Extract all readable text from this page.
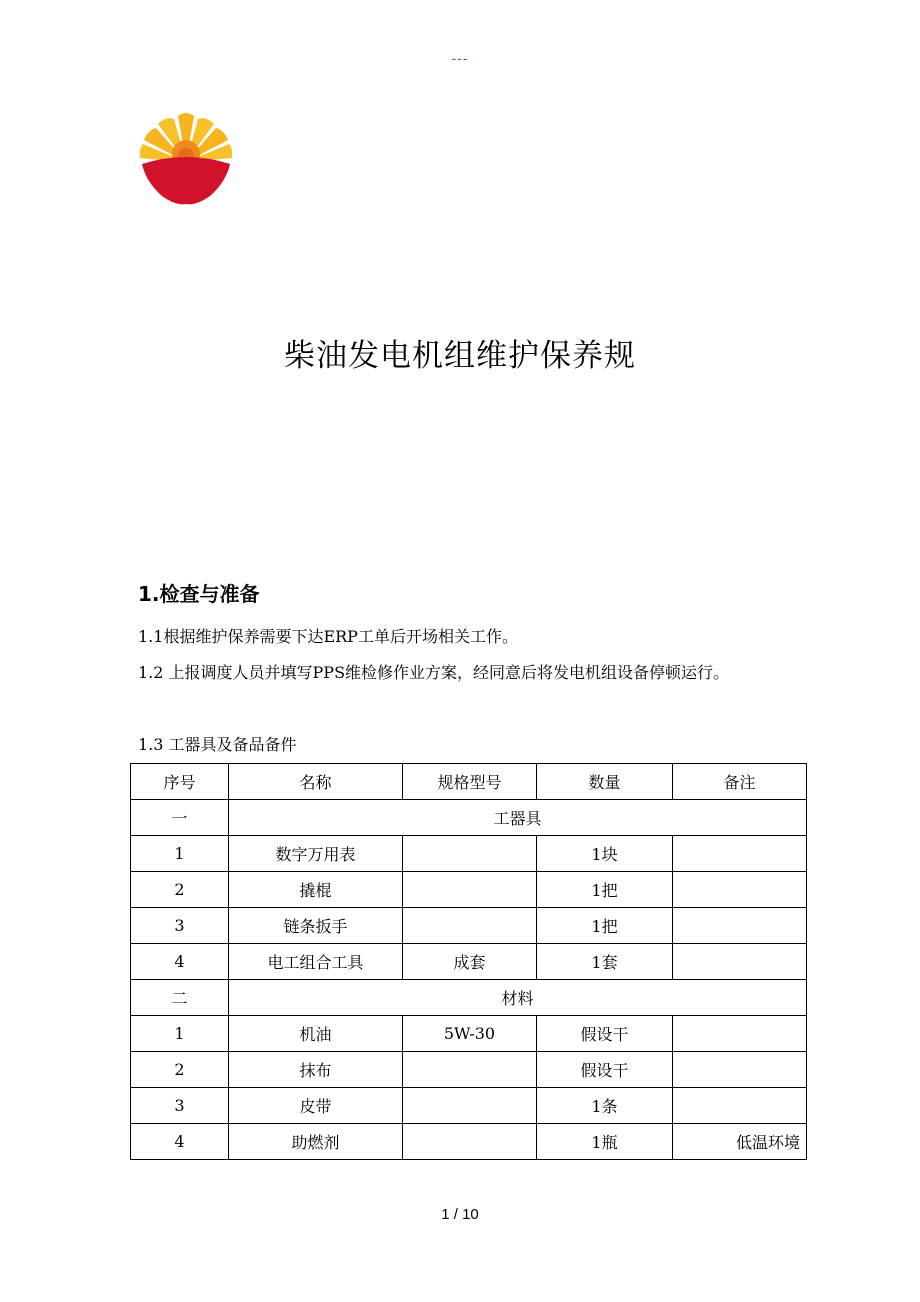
---
柴油发电机组维护保养规
1.检查与准备
1.1根据维护保养需要下达ERP工单后开场相关工作。
1.2 上报调度人员并填写PPS维检修作业方案，经同意后将发电机组设备停顿运行。
1.3 工器具及备品备件
序号	名称	规格型号	数量	备注
一	工器具			
1	数字万用表		1块	
2	撬棍		1把	
3	链条扳手		1把	
4	电工组合工具	成套	1套	
二	材料			
1	机油	5W-30	假设干	
2	抹布		假设干	
3	皮带		1条	
4	助燃剂		1瓶	低温环境
1 / 10
